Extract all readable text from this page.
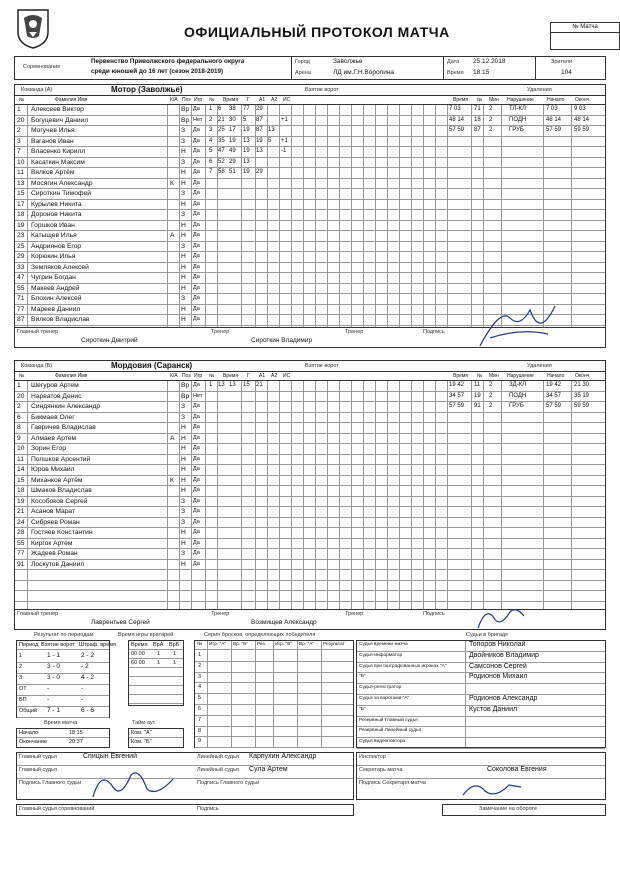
ОФИЦИАЛЬНЫЙ ПРОТОКОЛ МАТЧА	№ Матча
Соревнование
Первенство Приволжского федерального округа
среди юношей до 16 лет (сезон 2018-2019)
Город	Заволжье
Арена	ЛД им.Г.Н.Ворonина
Дата 25.12.2018
Время 18:15
Зрители
104
Команда (А)	Мотор (Заволжье)	Взятие ворот	Удаления
№	Фамилия Имя	К/А Поз Игр № Время Г А1 А2 ИС	Время № Мин Нарушение	Начало Оконч.
1 Алексеев Виктор	Вр Да 1 6 38 77 29	7 03 71 2	ТЛ-КЛ	7 03	9 03
20 Богуцевич Даниил	Вр Нет 2 21 30 5 87	+1	48 14 18 2	ПОДН	48 14 48 14
2 Могучев Илья	З Да 3 25 17 19 87 13	57 59 87 2	ГРУБ	57 59 59 59
3 Ваганов Иван	З Да 4 35 19 13 19 5 +1
7 Власенко Кирилл	Н Да 5 47 49 19 13	-1
10 Касаткин Максим	З Да 6 52 29 13
11 Вялков Артём	Н Да 7 58 51 19 29
13 Мосягин Александр	К Н Да
15 Сироткин Тимофей	З Да
17 Курылев Никита	Н Да
18 Доронов Никита	З Да
19 Горшков Иван	Н Да
23 Катыщев Илья	А Н Да
25 Андриянов Егор	З Да
29 Корюкин Илья	Н Да
33 Земляков Алексей	Н Да
47 Чугрин Богдан	Н Да
55 Макеев Андрей	Н Да
71 Блохин Алексей	З Да
77 Мареев Даниил	Н Да
87 Вилков Владислав	Н Да
Главный тренер
Сироткин Дмитрий
Тренер
Сироткин Владимир
Тренер	Подпись
Команда (Б)	Мордовия (Саранск)	Взятие ворот	Удаления
№	Фамилия Имя	К/А Поз Игр № Время Г А1 А2 ИС	Время № Мин Нарушение	Начало Оконч.
1 Шегуров Артем	Вр Да 1 13 13 15 21	19 42 11 2	ЗД-КЛ	19 42 21 30
20 Нарватов Денис	Вр Нет	34 57 19 2	ПОДН	34 57 35 19
2 Синдянкин Александр	З Да	57 59 91 2	ГРУБ	57 59 59 59
6 Бикмаев Олег	З Да
8 Гавричев Владислав	Н Да
9 Алмаев Артем	А Н Да
10 Зорин Егор	Н Да
11 Полшков Арсентий	Н Да
14 Юров Михаил	Н Да
15 Миханков Артём	К Н Да
18 Шмаков Владислав	Н Да
19 Кособоков Сергей	З Да
21 Асанов Марат	З Да
24 Сибряев Роман	З Да
28 Гостяев Константин	Н Да
55 Киргок Артем	Н Да
77 Жадеев Роман	З Да
91 Лоскутов Даниил	Н Да
Главный тренер
Лаврентьев Сергей
Тренер
Возмищев Александр
Тренер	Подпись
Результат по периодам
Период Взятие ворот Штраф. время
1	1 - 1	2 - 2
2	3 - 0	- 2
3	3 - 0	4 - 2
ОТ	-	-
БП	-	-
Общий 7 - 1	6 - 6
Время игры вратарей
Время ВрА ВрБ
00 00 1 1
60 00 1 1
Время матча
Начало	18:15
Окончание	20:37
Тайм-аут
Ком. "А"
Ком. "Б"
Серия бросков, определяющих победителя
№ Игр. "А" Вр. "Б" Рез. Игр. "Б" Вр. "А" Результат
1
2
3
4
5
6
7
8
9
Судьи в бригаде
Судья времени матча	Топоров Николай
Судья-информатор	Двойников Владимир
Судья при оштрафованных игроках "А"	Самсонов Сергей
"Б"	Родионов Михаил
Судья-регистратор
Судья за воротами "А"	Родионов Александр
"Б"	Кустов Даниил
Резервный Главный судья
Резервный Линейный судья
Судья видеоповтора
Главный судья	Спицын Евгений	Линейный судья Карпухин Александр
Главный судья	Линейный судья Сула Артем
Подпись Главного судьи	Подпись Главного судьи
Инспектор
Секретарь матча	Соколова Евгения
Подпись Секретаря матча
Главный судья соревнований	Подпись	Замечание на обороте
